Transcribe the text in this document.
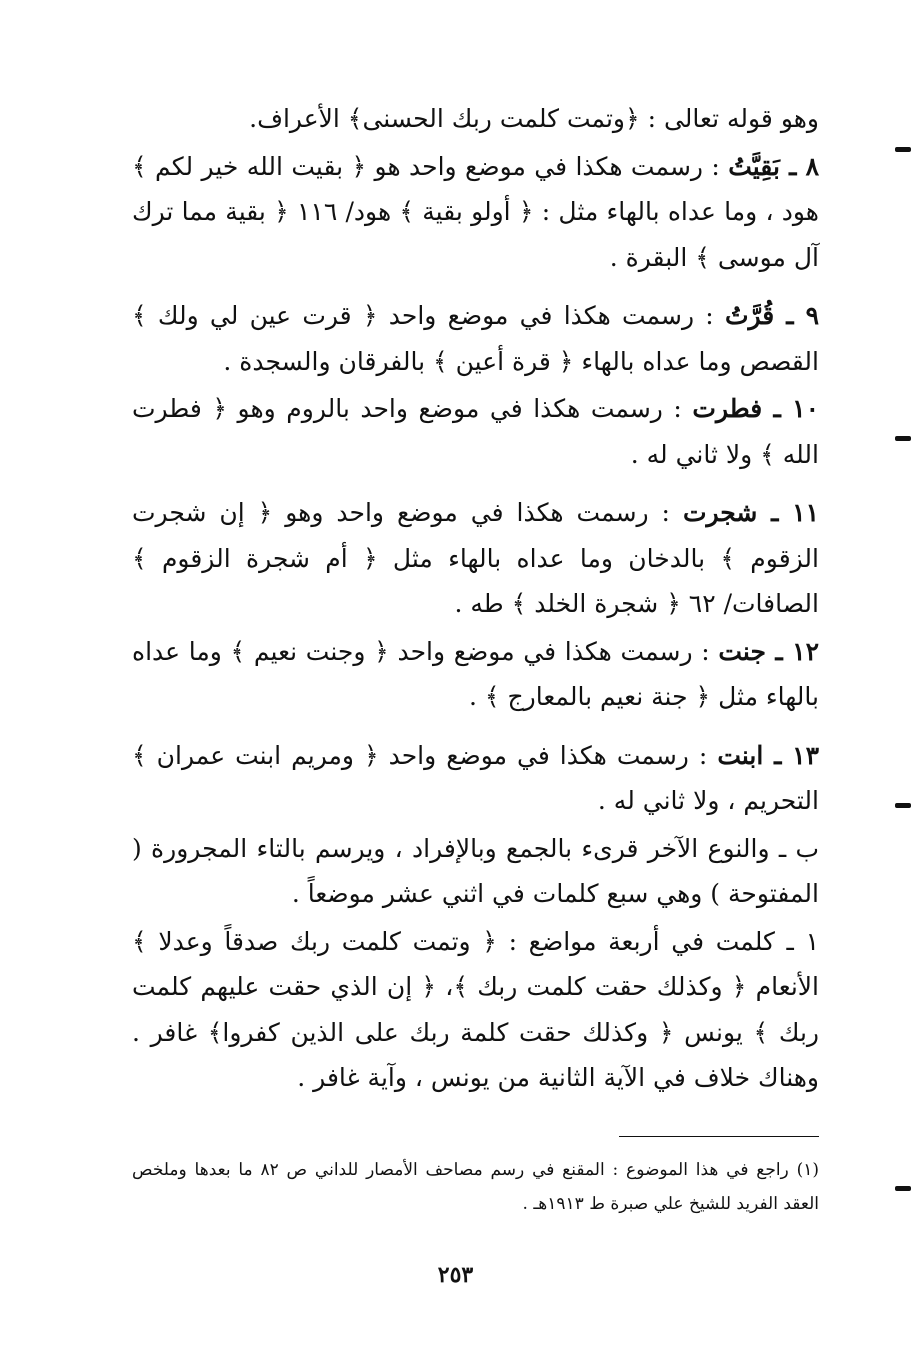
وهو قوله تعالى : ﴿وتمت كلمت ربك الحسنى﴾ الأعراف.

٨ ـ بَقِيَّتُ : رسمت هكذا في موضع واحد هو ﴿ بقيت الله خير لكم ﴾ هود ، وما عداه بالهاء مثل : ﴿ أولو بقية ﴾ هود/ ١١٦ ﴿ بقية مما ترك آل موسى ﴾ البقرة .

٩ ـ قُرَّتُ : رسمت هكذا في موضع واحد ﴿ قرت عين لي ولك ﴾ القصص وما عداه بالهاء ﴿ قرة أعين ﴾ بالفرقان والسجدة .

١٠ ـ فطرت : رسمت هكذا في موضع واحد بالروم وهو ﴿ فطرت الله ﴾ ولا ثاني له .

١١ ـ شجرت : رسمت هكذا في موضع واحد وهو ﴿ إن شجرت الزقوم ﴾ بالدخان وما عداه بالهاء مثل ﴿ أم شجرة الزقوم ﴾ الصافات/ ٦٢ ﴿ شجرة الخلد ﴾ طه .

١٢ ـ جنت : رسمت هكذا في موضع واحد ﴿ وجنت نعيم ﴾ وما عداه بالهاء مثل ﴿ جنة نعيم بالمعارج ﴾ .

١٣ ـ ابنت : رسمت هكذا في موضع واحد ﴿ ومريم ابنت عمران ﴾ التحريم ، ولا ثاني له .

ب ـ والنوع الآخر قرىء بالجمع وبالإفراد ، ويرسم بالتاء المجرورة ( المفتوحة ) وهي سبع كلمات في اثني عشر موضعاً .

١ ـ كلمت في أربعة مواضع : ﴿ وتمت كلمت ربك صدقاً وعدلا ﴾ الأنعام ﴿ وكذلك حقت كلمت ربك ﴾، ﴿ إن الذي حقت عليهم كلمت ربك ﴾ يونس ﴿ وكذلك حقت كلمة ربك على الذين كفروا﴾ غافر . وهناك خلاف في الآية الثانية من يونس ، وآية غافر .

(١) راجع في هذا الموضوع : المقنع في رسم مصاحف الأمصار للداني ص ٨٢ ما بعدها وملخص العقد الفريد للشيخ علي صبرة ط ١٩١٣هـ .
٢٥٣
